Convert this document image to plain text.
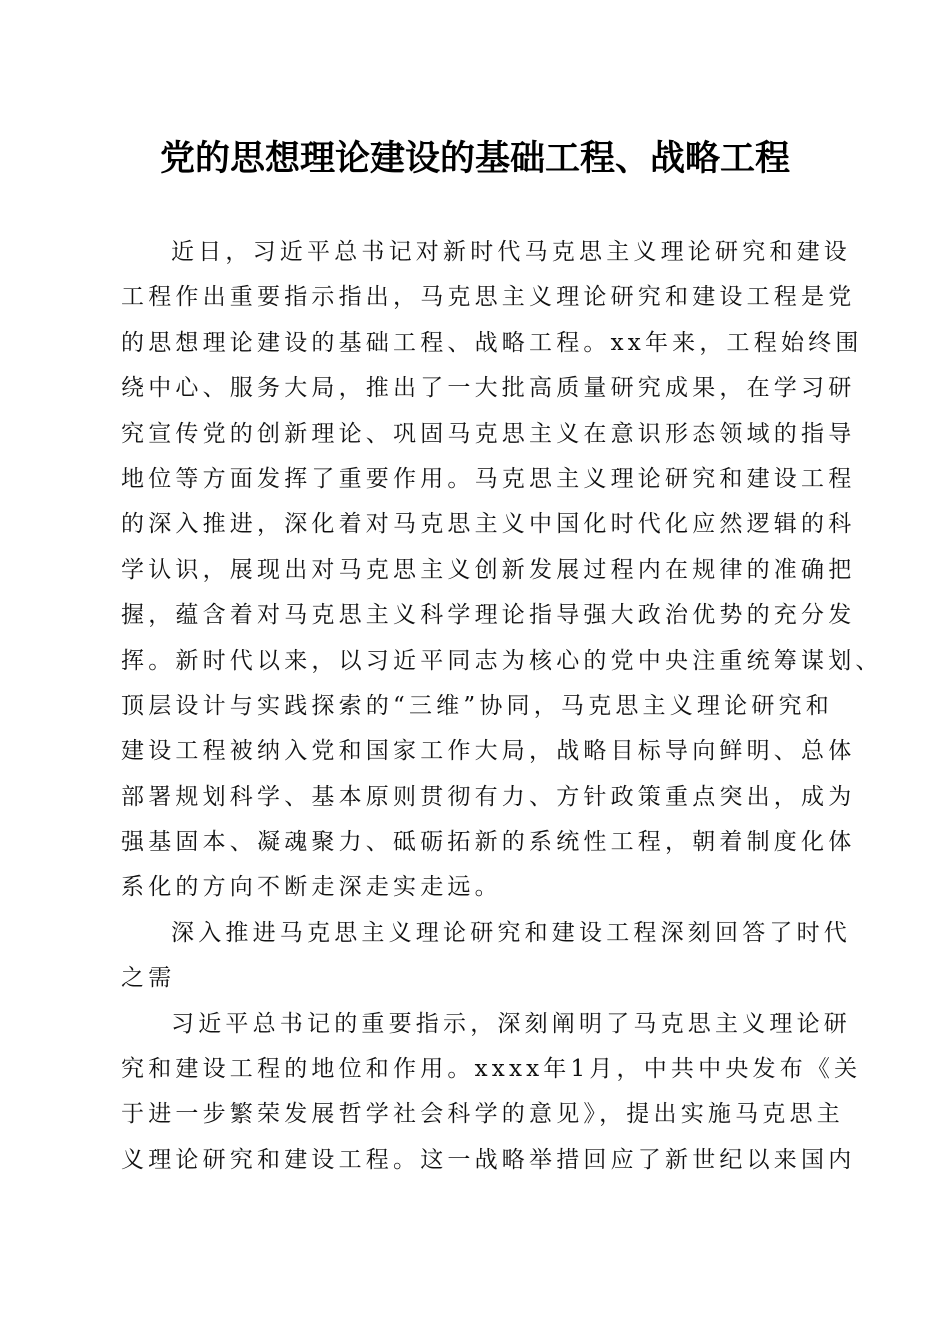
党的思想理论建设的基础工程、战略工程
近日，习近平总书记对新时代马克思主义理论研究和建设
工程作出重要指示指出，马克思主义理论研究和建设工程是党
的思想理论建设的基础工程、战略工程。xx年来，工程始终围
绕中心、服务大局，推出了一大批高质量研究成果，在学习研
究宣传党的创新理论、巩固马克思主义在意识形态领域的指导
地位等方面发挥了重要作用。马克思主义理论研究和建设工程
的深入推进，深化着对马克思主义中国化时代化应然逻辑的科
学认识，展现出对马克思主义创新发展过程内在规律的准确把
握，蕴含着对马克思主义科学理论指导强大政治优势的充分发
挥。新时代以来，以习近平同志为核心的党中央注重统筹谋划、
顶层设计与实践探索的“三维”协同，马克思主义理论研究和
建设工程被纳入党和国家工作大局，战略目标导向鲜明、总体
部署规划科学、基本原则贯彻有力、方针政策重点突出，成为
强基固本、凝魂聚力、砥砺拓新的系统性工程，朝着制度化体
系化的方向不断走深走实走远。
深入推进马克思主义理论研究和建设工程深刻回答了时代
之需
习近平总书记的重要指示，深刻阐明了马克思主义理论研
究和建设工程的地位和作用。xxxx年1月，中共中央发布《关
于进一步繁荣发展哲学社会科学的意见》，提出实施马克思主
义理论研究和建设工程。这一战略举措回应了新世纪以来国内
